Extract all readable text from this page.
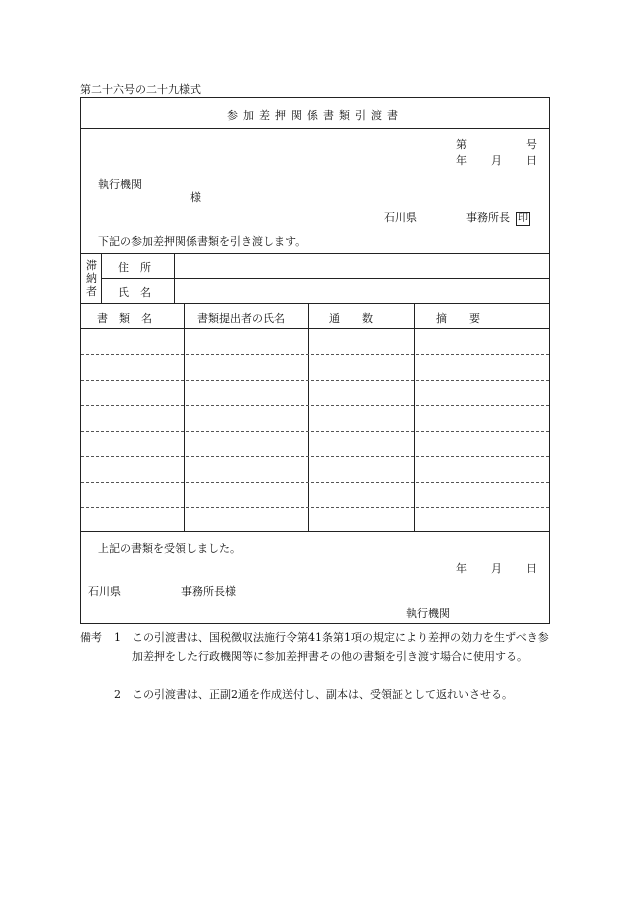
第二十六号の二十九様式
参加差押関係書類引渡書
第	号
年 月 日
執行機関
様
石川県	事務所長 印
下記の参加差押関係書類を引き渡します。
滞
納
者
住　所
氏　名
書　類　名	書類提出者の氏名	通　　数	摘　　要
上記の書類を受領しました。
年 月 日
石川県	事務所長様
執行機関
備考 1 この引渡書は、国税徴収法施行令第41条第1項の規定により差押の効力を生ずべき参加差押をした行政機関等に参加差押書その他の書類を引き渡す場合に使用する。
2 この引渡書は、正副2通を作成送付し、副本は、受領証として返れいさせる。
